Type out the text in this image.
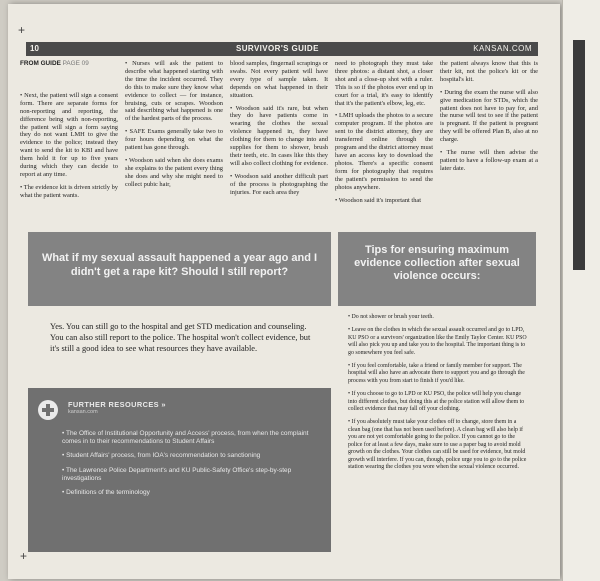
+
+
10	SURVIVOR'S GUIDE	KANSAN.COM

FROM GUIDE PAGE 09

• Next, the patient will sign a consent form. There are separate forms for non-reporting and reporting, the difference being with non-reporting, the patient will sign a form saying they do not want LMH to give the evidence to the police; instead they want to send the kit to KBI and have them hold it for up to five years during which they can decide to report at any time.

• The evidence kit is driven strictly by what the patient wants.

• Nurses will ask the patient to describe what happened starting with the time the incident occurred. They do this to make sure they know what evidence to collect — for instance, bruising, cuts or scrapes. Woodson said describing what happened is one of the hardest parts of the process.

• SAFE Exams generally take two to four hours depending on what the patient has gone through.

• Woodson said when she does exams she explains to the patient every thing she does and why she might need to collect pubic hair,

blood samples, fingernail scrapings or swabs. Not every patient will have every type of sample taken. It depends on what happened in their situation.

• Woodson said it's rare, but when they do have patients come in wearing the clothes the sexual violence happened in, they have clothing for them to change into and supplies for them to shower, brush their teeth, etc. In cases like this they will also collect clothing for evidence.

• Woodson said another difficult part of the process is photographing the injuries. For each area they

need to photograph they must take three photos: a distant shot, a closer shot and a close-up shot with a ruler. This is so if the photos ever end up in court for a trial, it's easy to identify that it's the patient's elbow, leg, etc.

• LMH uploads the photos to a secure computer program. If the photos are sent to the district attorney, they are transferred online through the program and the district attorney must have an access key to download the photos. There's a specific consent form for photography that requires the patient's permission to send the photos anywhere.

• Woodson said it's important that

the patient always know that this is their kit, not the police's kit or the hospital's kit.

• During the exam the nurse will also give medication for STDs, which the patient does not have to pay for, and the nurse will test to see if the patient is pregnant. If the patient is pregnant they will be offered Plan B, also at no charge.

• The nurse will then advise the patient to have a follow-up exam at a later date.

What if my sexual assault happened a year ago and I didn't get a rape kit? Should I still report?
Yes. You can still go to the hospital and get STD medication and counseling. You can also still report to the police. The hospital won't collect evidence, but it's still a good idea to see what resources they have available.
FURTHER RESOURCES »
kansan.com
• The Office of Institutional Opportunity and Access' process, from when the complaint comes in to their recommendations to Student Affairs
• Student Affairs' process, from IOA's recommendation to sanctioning
• The Lawrence Police Department's and KU Public-Safety Office's step-by-step investigations
• Definitions of the terminology
Tips for ensuring maximum evidence collection after sexual violence occurs:

• Do not shower or brush your teeth.

• Leave on the clothes in which the sexual assault occurred and go to LPD, KU PSO or a survivors' organization like the Emily Taylor Center. KU PSO will also pick you up and take you to the hospital. The important thing is to go somewhere you feel safe.

• If you feel comfortable, take a friend or family member for support. The hospital will also have an advocate there to support you and go through the process with you from start to finish if you'd like.

• If you choose to go to LPD or KU PSO, the police will help you change into different clothes, but doing this at the police station will allow them to collect evidence that may fall off your clothing.

• If you absolutely must take your clothes off to change, store them in a clean bag (one that has not been used before). A clean bag will also help if you are not yet comfortable going to the police. If you cannot go to the police for at least a few days, make sure to use a paper bag to avoid mold growth on the clothes. Your clothes can still be used for evidence, but mold growth will interfere. If you can, though, police urge you to go to the police station wearing the clothes you wore when the sexual violence occurred.
